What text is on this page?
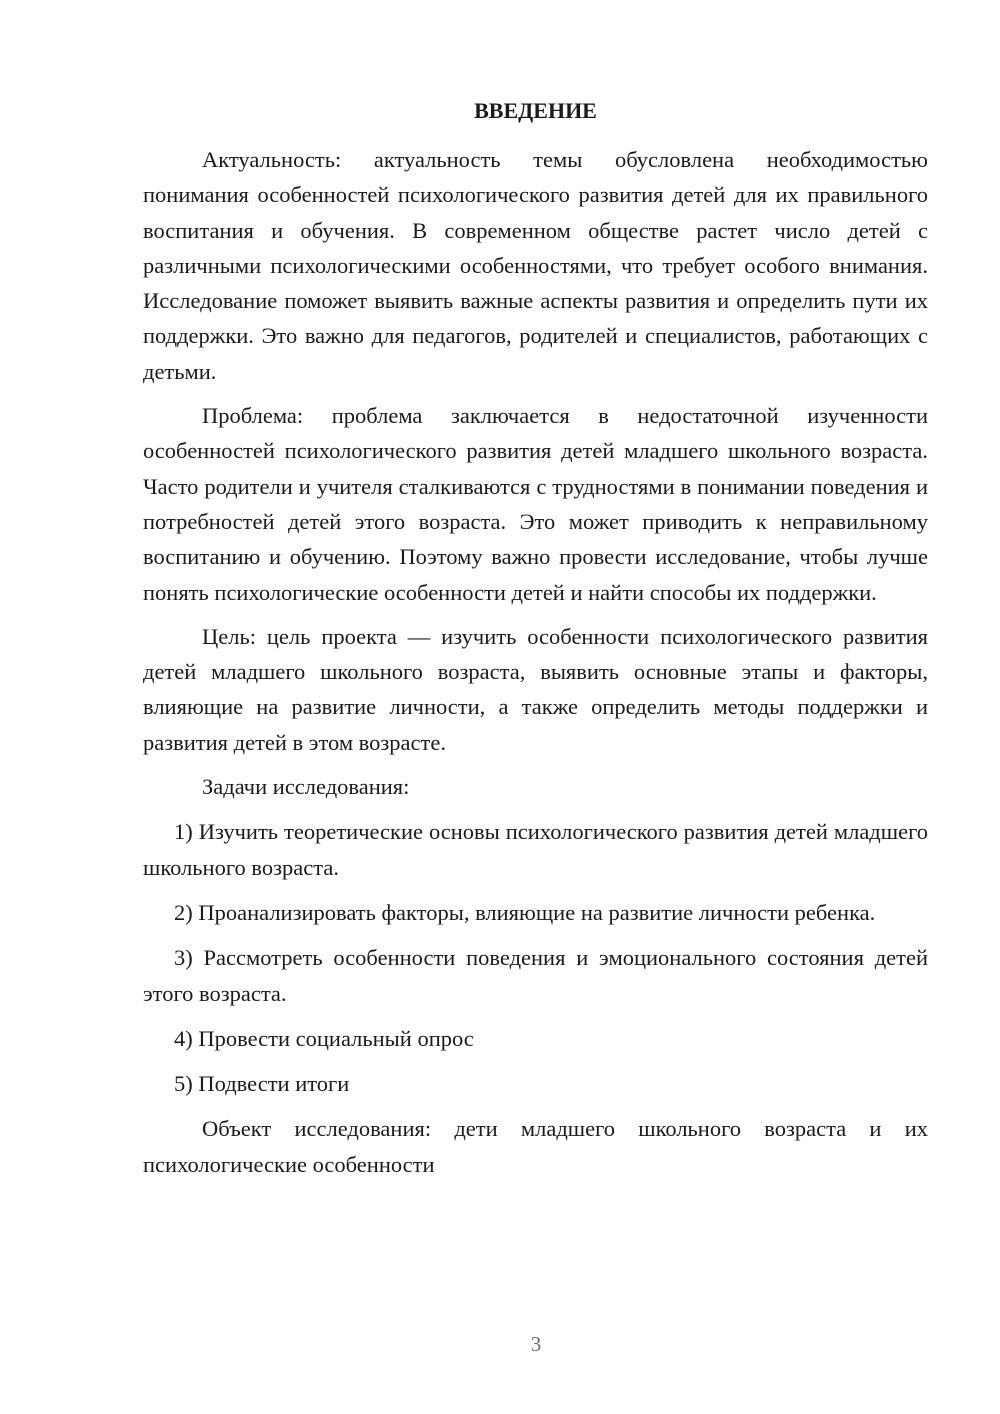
ВВЕДЕНИЕ

Актуальность: актуальность темы обусловлена необходимостью понимания особенностей психологического развития детей для их правильного воспитания и обучения. В современном обществе растет число детей с различными психологическими особенностями, что требует особого внимания. Исследование поможет выявить важные аспекты развития и определить пути их поддержки. Это важно для педагогов, родителей и специалистов, работающих с детьми.

Проблема: проблема заключается в недостаточной изученности особенностей психологического развития детей младшего школьного возраста. Часто родители и учителя сталкиваются с трудностями в понимании поведения и потребностей детей этого возраста. Это может приводить к неправильному воспитанию и обучению. Поэтому важно провести исследование, чтобы лучше понять психологические особенности детей и найти способы их поддержки.

Цель: цель проекта — изучить особенности психологического развития детей младшего школьного возраста, выявить основные этапы и факторы, влияющие на развитие личности, а также определить методы поддержки и развития детей в этом возрасте.

Задачи исследования:

1) Изучить теоретические основы психологического развития детей младшего школьного возраста.

2) Проанализировать факторы, влияющие на развитие личности ребенка.

3) Рассмотреть особенности поведения и эмоционального состояния детей этого возраста.

4) Провести социальный опрос

5) Подвести итоги

Объект исследования: дети младшего школьного возраста и их психологические особенности

3
